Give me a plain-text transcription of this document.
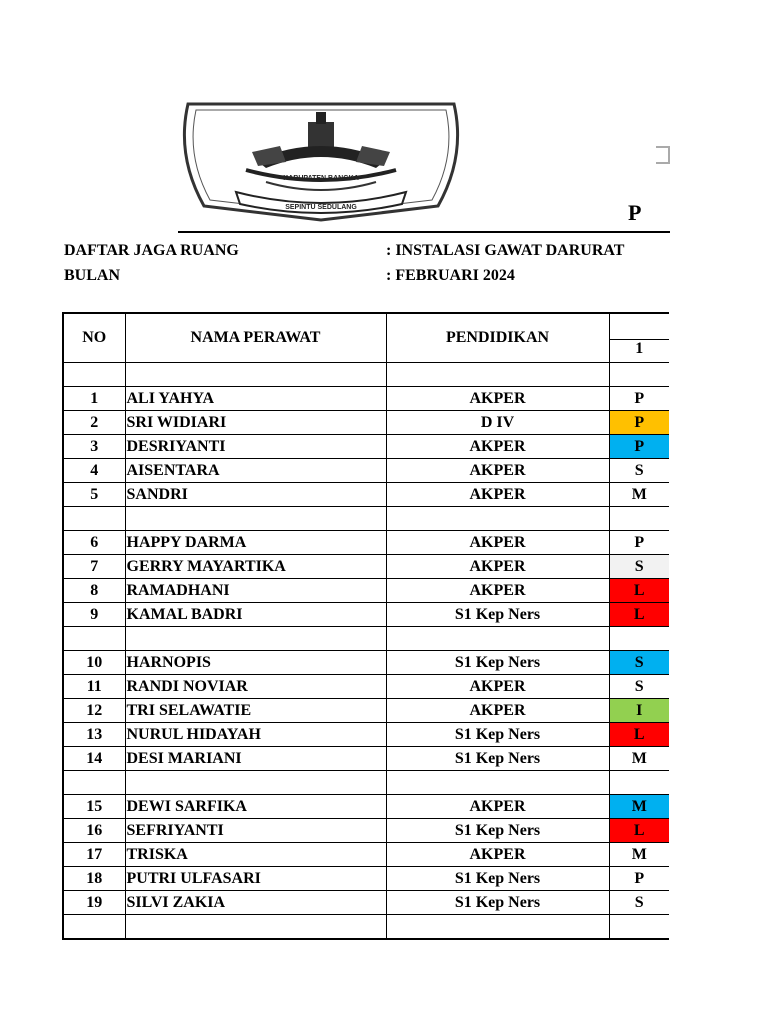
KABUPATEN BANGKA
SEPINTU SEDULANG	P
DAFTAR JAGA RUANG	: INSTALASI GAWAT DARURAT
BULAN	: FEBRUARI 2024
NO	NAMA PERAWAT	PENDIDIKAN	1

1	ALI YAHYA	AKPER	P
2	SRI WIDIARI	D IV	P
3	DESRIYANTI	AKPER	P
4	AISENTARA	AKPER	S
5	SANDRI	AKPER	M

6	HAPPY DARMA	AKPER	P
7	GERRY MAYARTIKA	AKPER	S
8	RAMADHANI	AKPER	L
9	KAMAL BADRI	S1 Kep Ners	L

10	HARNOPIS	S1 Kep Ners	S
11	RANDI NOVIAR	AKPER	S
12	TRI SELAWATIE	AKPER	I
13	NURUL HIDAYAH	S1 Kep Ners	L
14	DESI MARIANI	S1 Kep Ners	M

15	DEWI SARFIKA	AKPER	M
16	SEFRIYANTI	S1 Kep Ners	L
17	TRISKA	AKPER	M
18	PUTRI ULFASARI	S1 Kep Ners	P
19	SILVI ZAKIA	S1 Kep Ners	S
